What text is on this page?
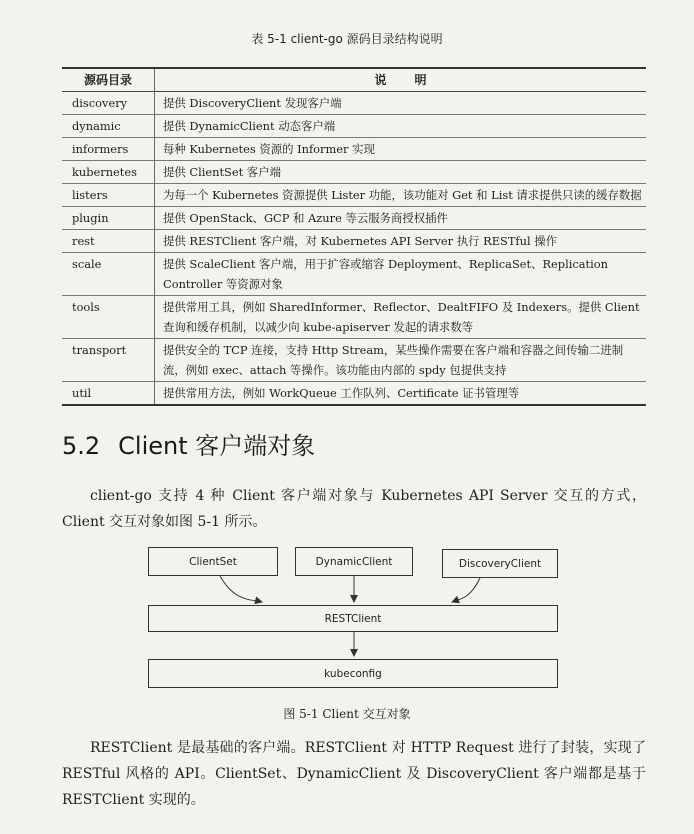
表 5-1 client-go 源码目录结构说明
源码目录	说明
discovery	提供 DiscoveryClient 发现客户端
dynamic	提供 DynamicClient 动态客户端
informers	每种 Kubernetes 资源的 Informer 实现
kubernetes	提供 ClientSet 客户端
listers	为每一个 Kubernetes 资源提供 Lister 功能，该功能对 Get 和 List 请求提供只读的缓存数据
plugin	提供 OpenStack、GCP 和 Azure 等云服务商授权插件
rest	提供 RESTClient 客户端，对 Kubernetes API Server 执行 RESTful 操作
scale	提供 ScaleClient 客户端，用于扩容或缩容 Deployment、ReplicaSet、Replication Controller 等资源对象
tools	提供常用工具，例如 SharedInformer、Reflector、DealtFIFO 及 Indexers。提供 Client 查询和缓存机制，以减少向 kube-apiserver 发起的请求数等
transport	提供安全的 TCP 连接，支持 Http Stream，某些操作需要在客户端和容器之间传输二进制流，例如 exec、attach 等操作。该功能由内部的 spdy 包提供支持
util	提供常用方法，例如 WorkQueue 工作队列、Certificate 证书管理等
5.2 Client 客户端对象
client-go 支持 4 种 Client 客户端对象与 Kubernetes API Server 交互的方式，Client 交互对象如图 5-1 所示。
ClientSet	DynamicClient	DiscoveryClient
RESTClient
kubeconfig
图 5-1 Client 交互对象
RESTClient 是最基础的客户端。RESTClient 对 HTTP Request 进行了封装，实现了 RESTful 风格的 API。ClientSet、DynamicClient 及 DiscoveryClient 客户端都是基于 RESTClient 实现的。
